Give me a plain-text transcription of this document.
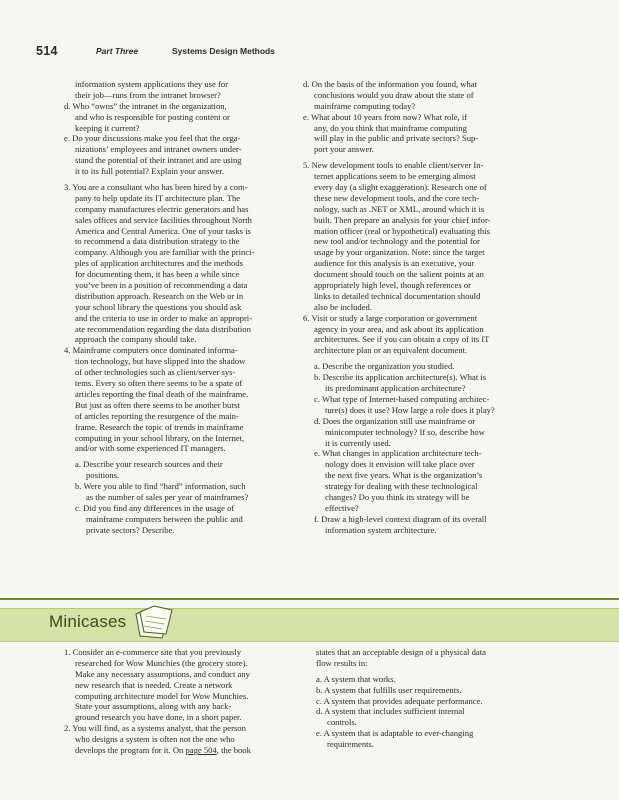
514	Part Three	Systems Design Methods
information system applications they use for
their job—runs from the intranet browser?
d. Who “owns” the intranet in the organization,
and who is responsible for posting content or
keeping it current?
e. Do your discussions make you feel that the orga-
nizations’ employees and intranet owners under-
stand the potential of their intranet and are using
it to its full potential? Explain your answer.
3. You are a consultant who has been hired by a com-
pany to help update its IT architecture plan. The
company manufactures electric generators and has
sales offices and service facilities throughout North
America and Central America. One of your tasks is
to recommend a data distribution strategy to the
company. Although you are familiar with the princi-
ples of application architectures and the methods
for documenting them, it has been a while since
you’ve been in a position of recommending a data
distribution approach. Research on the Web or in
your school library the questions you should ask
and the criteria to use in order to make an appropri-
ate recommendation regarding the data distribution
approach the company should take.
4. Mainframe computers once dominated informa-
tion technology, but have slipped into the shadow
of other technologies such as client/server sys-
tems. Every so often there seems to be a spate of
articles reporting the final death of the mainframe.
But just as often there seems to be another burst
of articles reporting the resurgence of the main-
frame. Research the topic of trends in mainframe
computing in your school library, on the Internet,
and/or with some experienced IT managers.
a. Describe your research sources and their
positions.
b. Were you able to find “hard” information, such
as the number of sales per year of mainframes?
c. Did you find any differences in the usage of
mainframe computers between the public and
private sectors? Describe.
d. On the basis of the information you found, what
conclusions would you draw about the state of
mainframe computing today?
e. What about 10 years from now? What role, if
any, do you think that mainframe computing
will play in the public and private sectors? Sup-
port your answer.
5. New development tools to enable client/server In-
ternet applications seem to be emerging almost
every day (a slight exaggeration). Research one of
these new development tools, and the core tech-
nology, such as .NET or XML, around which it is
built. Then prepare an analysis for your chief infor-
mation officer (real or hypothetical) evaluating this
new tool and/or technology and the potential for
usage by your organization. Note: since the target
audience for this analysis is an executive, your
document should touch on the salient points at an
appropriately high level, though references or
links to detailed technical documentation should
also be included.
6. Visit or study a large corporation or government
agency in your area, and ask about its application
architectures. See if you can obtain a copy of its IT
architecture plan or an equivalent document.
a. Describe the organization you studied.
b. Describe its application architecture(s). What is
its predominant application architecture?
c. What type of Internet-based computing architec-
ture(s) does it use? How large a role does it play?
d. Does the organization still use mainframe or
minicomputer technology? If so, describe how
it is currently used.
e. What changes in application architecture tech-
nology does it envision will take place over
the next five years. What is the organization’s
strategy for dealing with these technological
changes? Do you think its strategy will be
effective?
f. Draw a high-level context diagram of its overall
information system architecture.
Minicases
1. Consider an e-commerce site that you previously
researched for Wow Munchies (the grocery store).
Make any necessary assumptions, and conduct any
new research that is needed. Create a network
computing architecture model for Wow Munchies.
State your assumptions, along with any back-
ground research you have done, in a short paper.
2. You will find, as a systems analyst, that the person
who designs a system is often not the one who
develops the program for it. On page 504, the book
states that an acceptable design of a physical data
flow results in:
a. A system that works.
b. A system that fulfills user requirements.
c. A system that provides adequate performance.
d. A system that includes sufficient internal
controls.
e. A system that is adaptable to ever-changing
requirements.
